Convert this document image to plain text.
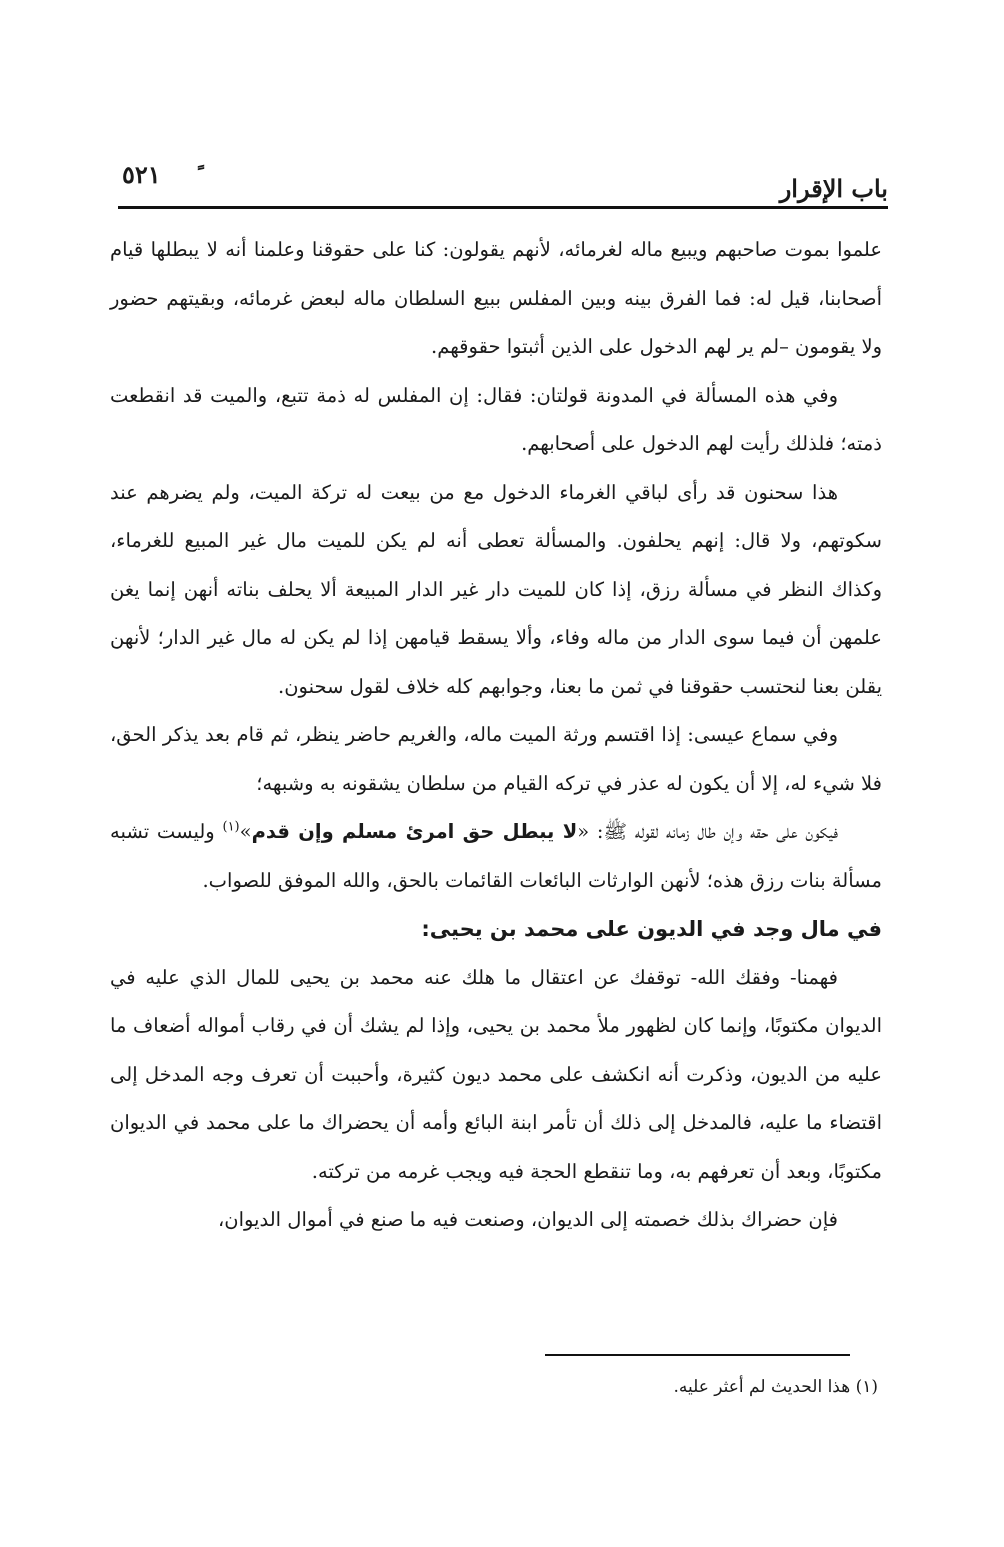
٥٢١	باب الإقرار

علموا بموت صاحبهم ويبيع ماله لغرمائه، لأنهم يقولون: كنا على حقوقنا وعلمنا أنه لا يبطلها قيام أصحابنا، قيل له: فما الفرق بينه وبين المفلس ببيع السلطان ماله لبعض غرمائه، وبقيتهم حضور ولا يقومون –لم ير لهم الدخول على الذين أثبتوا حقوقهم.

وفي هذه المسألة في المدونة قولتان: فقال: إن المفلس له ذمة تتبع، والميت قد انقطعت ذمته؛ فلذلك رأيت لهم الدخول على أصحابهم.

هذا سحنون قد رأى لباقي الغرماء الدخول مع من بيعت له تركة الميت، ولم يضرهم عند سكوتهم، ولا قال: إنهم يحلفون. والمسألة تعطى أنه لم يكن للميت مال غير المبيع للغرماء، وكذاك النظر في مسألة رزق، إذا كان للميت دار غير الدار المبيعة ألا يحلف بناته أنهن إنما يغن علمهن أن فيما سوى الدار من ماله وفاء، وألا يسقط قيامهن إذا لم يكن له مال غير الدار؛ لأنهن يقلن بعنا لنحتسب حقوقنا في ثمن ما بعنا، وجوابهم كله خلاف لقول سحنون.

وفي سماع عيسى: إذا اقتسم ورثة الميت ماله، والغريم حاضر ينظر، ثم قام بعد يذكر الحق، فلا شيء له، إلا أن يكون له عذر في تركه القيام من سلطان يشقونه به وشبهه؛

فيكون على حقه وإن طال زمانه لقوله ﷺ: «لا يبطل حق امرئ مسلم وإن قدم»$^{(١)}$ وليست تشبه مسألة بنات رزق هذه؛ لأنهن الوارثات البائعات القائمات بالحق، والله الموفق للصواب.

في مال وجد في الديون على محمد بن يحيى:

فهمنا- وفقك الله- توقفك عن اعتقال ما هلك عنه محمد بن يحيى للمال الذي عليه في الديوان مكتوبًا، وإنما كان لظهور ملأ محمد بن يحيى، وإذا لم يشك أن في رقاب أمواله أضعاف ما عليه من الديون، وذكرت أنه انكشف على محمد ديون كثيرة، وأحببت أن تعرف وجه المدخل إلى اقتضاء ما عليه، فالمدخل إلى ذلك أن تأمر ابنة البائع وأمه أن يحضراك ما على محمد في الديوان مكتوبًا، وبعد أن تعرفهم به، وما تنقطع الحجة فيه ويجب غرمه من تركته.

فإن حضراك بذلك خصمته إلى الديوان، وصنعت فيه ما صنع في أموال الديوان،

(١) هذا الحديث لم أعثر عليه.
